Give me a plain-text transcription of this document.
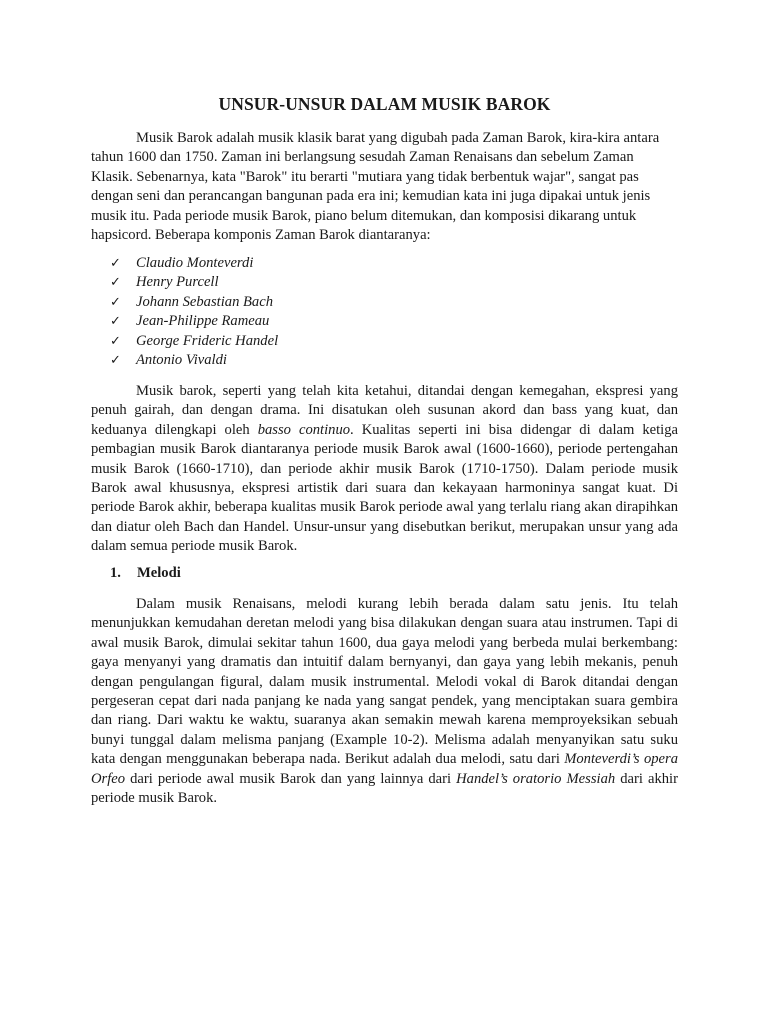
UNSUR-UNSUR DALAM MUSIK BAROK

Musik Barok adalah musik klasik barat yang digubah pada Zaman Barok, kira-kira antara tahun 1600 dan 1750. Zaman ini berlangsung sesudah Zaman Renaisans dan sebelum Zaman Klasik. Sebenarnya, kata "Barok" itu berarti "mutiara yang tidak berbentuk wajar", sangat pas dengan seni dan perancangan bangunan pada era ini; kemudian kata ini juga dipakai untuk jenis musik itu. Pada periode musik Barok, piano belum ditemukan, dan komposisi dikarang untuk hapsicord. Beberapa komponis Zaman Barok diantaranya:

✓ Claudio Monteverdi
✓ Henry Purcell
✓ Johann Sebastian Bach
✓ Jean-Philippe Rameau
✓ George Frideric Handel
✓ Antonio Vivaldi

Musik barok, seperti yang telah kita ketahui, ditandai dengan kemegahan, ekspresi yang penuh gairah, dan dengan drama. Ini disatukan oleh susunan akord dan bass yang kuat, dan keduanya dilengkapi oleh basso continuo. Kualitas seperti ini bisa didengar di dalam ketiga pembagian musik Barok diantaranya periode musik Barok awal (1600-1660), periode pertengahan musik Barok (1660-1710), dan periode akhir musik Barok (1710-1750). Dalam periode musik Barok awal khususnya, ekspresi artistik dari suara dan kekayaan harmoninya sangat kuat. Di periode Barok akhir, beberapa kualitas musik Barok periode awal yang terlalu riang akan dirapihkan dan diatur oleh Bach dan Handel. Unsur-unsur yang disebutkan berikut, merupakan unsur yang ada dalam semua periode musik Barok.

1. Melodi

Dalam musik Renaisans, melodi kurang lebih berada dalam satu jenis. Itu telah menunjukkan kemudahan deretan melodi yang bisa dilakukan dengan suara atau instrumen. Tapi di awal musik Barok, dimulai sekitar tahun 1600, dua gaya melodi yang berbeda mulai berkembang: gaya menyanyi yang dramatis dan intuitif dalam bernyanyi, dan gaya yang lebih mekanis, penuh dengan pengulangan figural, dalam musik instrumental. Melodi vokal di Barok ditandai dengan pergeseran cepat dari nada panjang ke nada yang sangat pendek, yang menciptakan suara gembira dan riang. Dari waktu ke waktu, suaranya akan semakin mewah karena memproyeksikan sebuah bunyi tunggal dalam melisma panjang (Example 10-2). Melisma adalah menyanyikan satu suku kata dengan menggunakan beberapa nada. Berikut adalah dua melodi, satu dari Monteverdi’s opera Orfeo dari periode awal musik Barok dan yang lainnya dari Handel’s oratorio Messiah dari akhir periode musik Barok.
